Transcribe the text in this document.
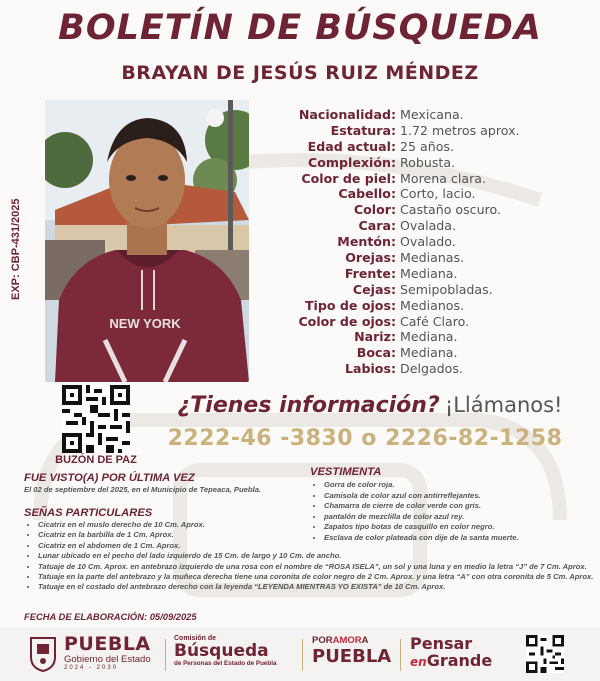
BOLETÍN DE BÚSQUEDA
BRAYAN DE JESÚS RUIZ MÉNDEZ
EXP: CBP-431/2025
NEW YORK
Nacionalidad: Mexicana.
Estatura: 1.72 metros aprox.
Edad actual: 25 años.
Complexión: Robusta.
Color de piel: Morena clara.
Cabello: Corto, lacio.
Color: Castaño oscuro.
Cara: Ovalada.
Mentón: Ovalado.
Orejas: Medianas.
Frente: Mediana.
Cejas: Semipobladas.
Tipo de ojos: Medianos.
Color de ojos: Café Claro.
Nariz: Mediana.
Boca: Mediana.
Labios: Delgados.
BUZÓN DE PAZ
¿Tienes información? ¡Llámanos!
2222-46 -3830 o 2226-82-1258
FUE VISTO(A) POR ÚLTIMA VEZ
El 02 de septiembre del 2025, en el Municipio de Tepeaca, Puebla.
VESTIMENTA
• Gorra de color roja.
• Camisola de color azul con antirreflejantes.
• Chamarra de cierre de color verde con gris.
• pantalón de mezclilla de color azul rey.
• Zapatos tipo botas de casquillo en color negro.
• Esclava de color plateada con dije de la santa muerte.
SEÑAS PARTICULARES
• Cicatriz en el muslo derecho de 10 Cm. Aprox.
• Cicatriz en la barbilla de 1 Cm. Aprox.
• Cicatriz en el abdomen de 1 Cm. Aprox.
• Lunar ubicado en el pecho del lado izquierdo de 15 Cm. de largo y 10 Cm. de ancho.
• Tatuaje de 10 Cm. Aprox. en antebrazo izquierdo de una rosa con el nombre de “ROSA ISELA”, un sol y una luna y en medio la letra “J” de 7 Cm. Aprox.
• Tatuaje en la parte del antebrazo y la muñeca derecha tiene una coronita de color negro de 2 Cm. Aprox. y una letra “A” con otra coronita de 5 Cm. Aprox.
• Tatuaje en el costado del antebrazo derecho con la leyenda “LEYENDA MIENTRAS YO EXISTA” de 10 Cm. Aprox.
FECHA DE ELABORACIÓN: 05/09/2025
PUEBLA
Gobierno del Estado
2024 - 2030
Comisión de
Búsqueda
de Personas del Estado de Puebla
PORAMORA
PUEBLA
Pensar
enGrande
